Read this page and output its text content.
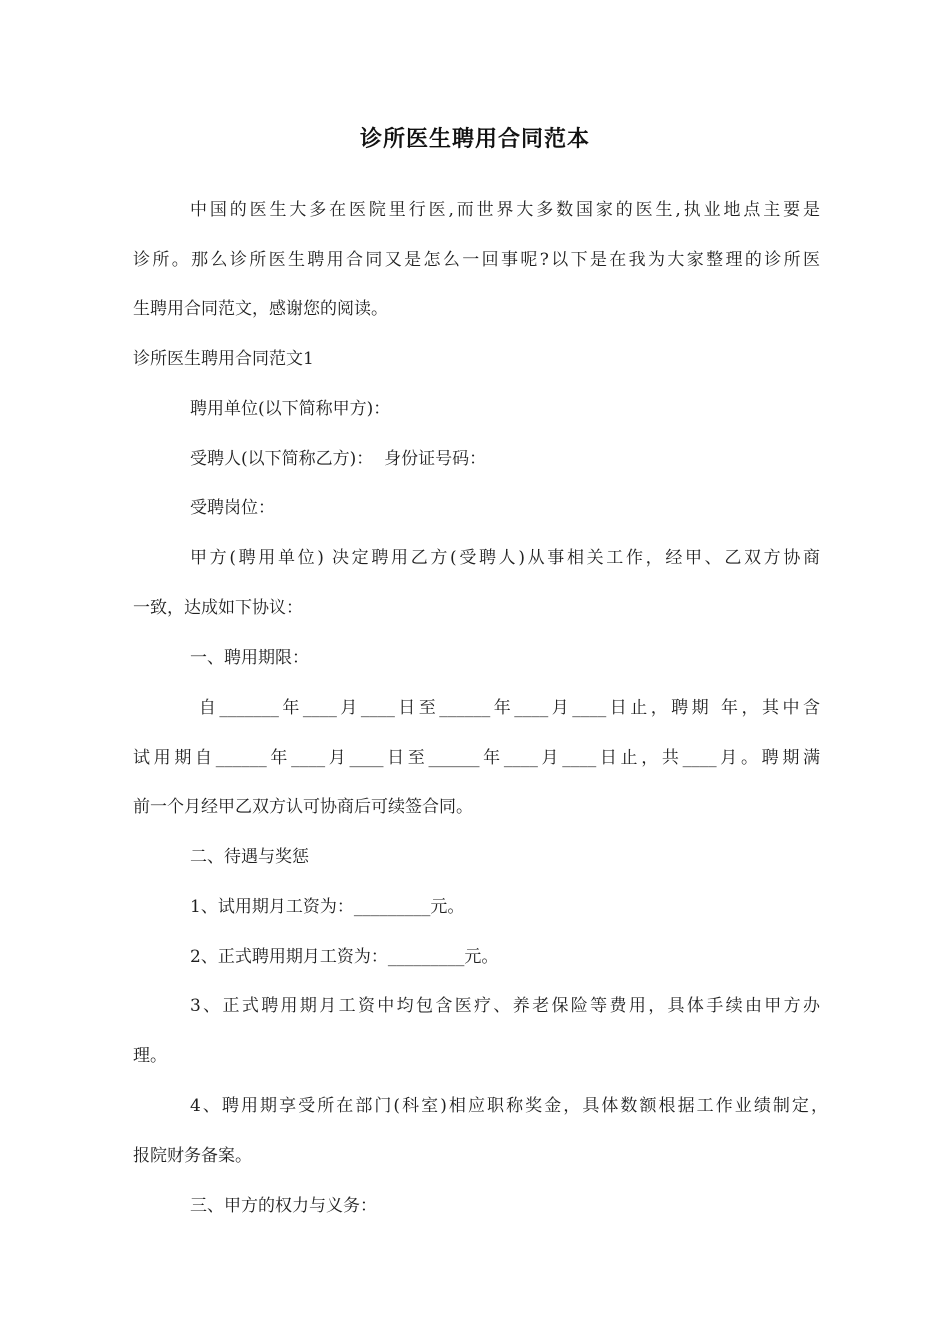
诊所医生聘用合同范本
中国的医生大多在医院里行医,而世界大多数国家的医生,执业地点主要是
诊所。那么诊所医生聘用合同又是怎么一回事呢?以下是在我为大家整理的诊所医
生聘用合同范文，感谢您的阅读。
诊所医生聘用合同范文1
聘用单位(以下简称甲方)：
受聘人(以下简称乙方)：  身份证号码：
受聘岗位：
甲方(聘用单位) 决定聘用乙方(受聘人)从事相关工作，经甲、乙双方协商
一致，达成如下协议：
一、聘用期限：
自_______年____月____日至______年____月____日止，聘期 年，其中含
试用期自______年____月____日至______年____月____日止，共____月。聘期满
前一个月经甲乙双方认可协商后可续签合同。
二、待遇与奖惩
1、试用期月工资为：_________元。
2、正式聘用期月工资为：_________元。
3、正式聘用期月工资中均包含医疗、养老保险等费用，具体手续由甲方办
理。
4、聘用期享受所在部门(科室)相应职称奖金，具体数额根据工作业绩制定，
报院财务备案。
三、甲方的权力与义务：
